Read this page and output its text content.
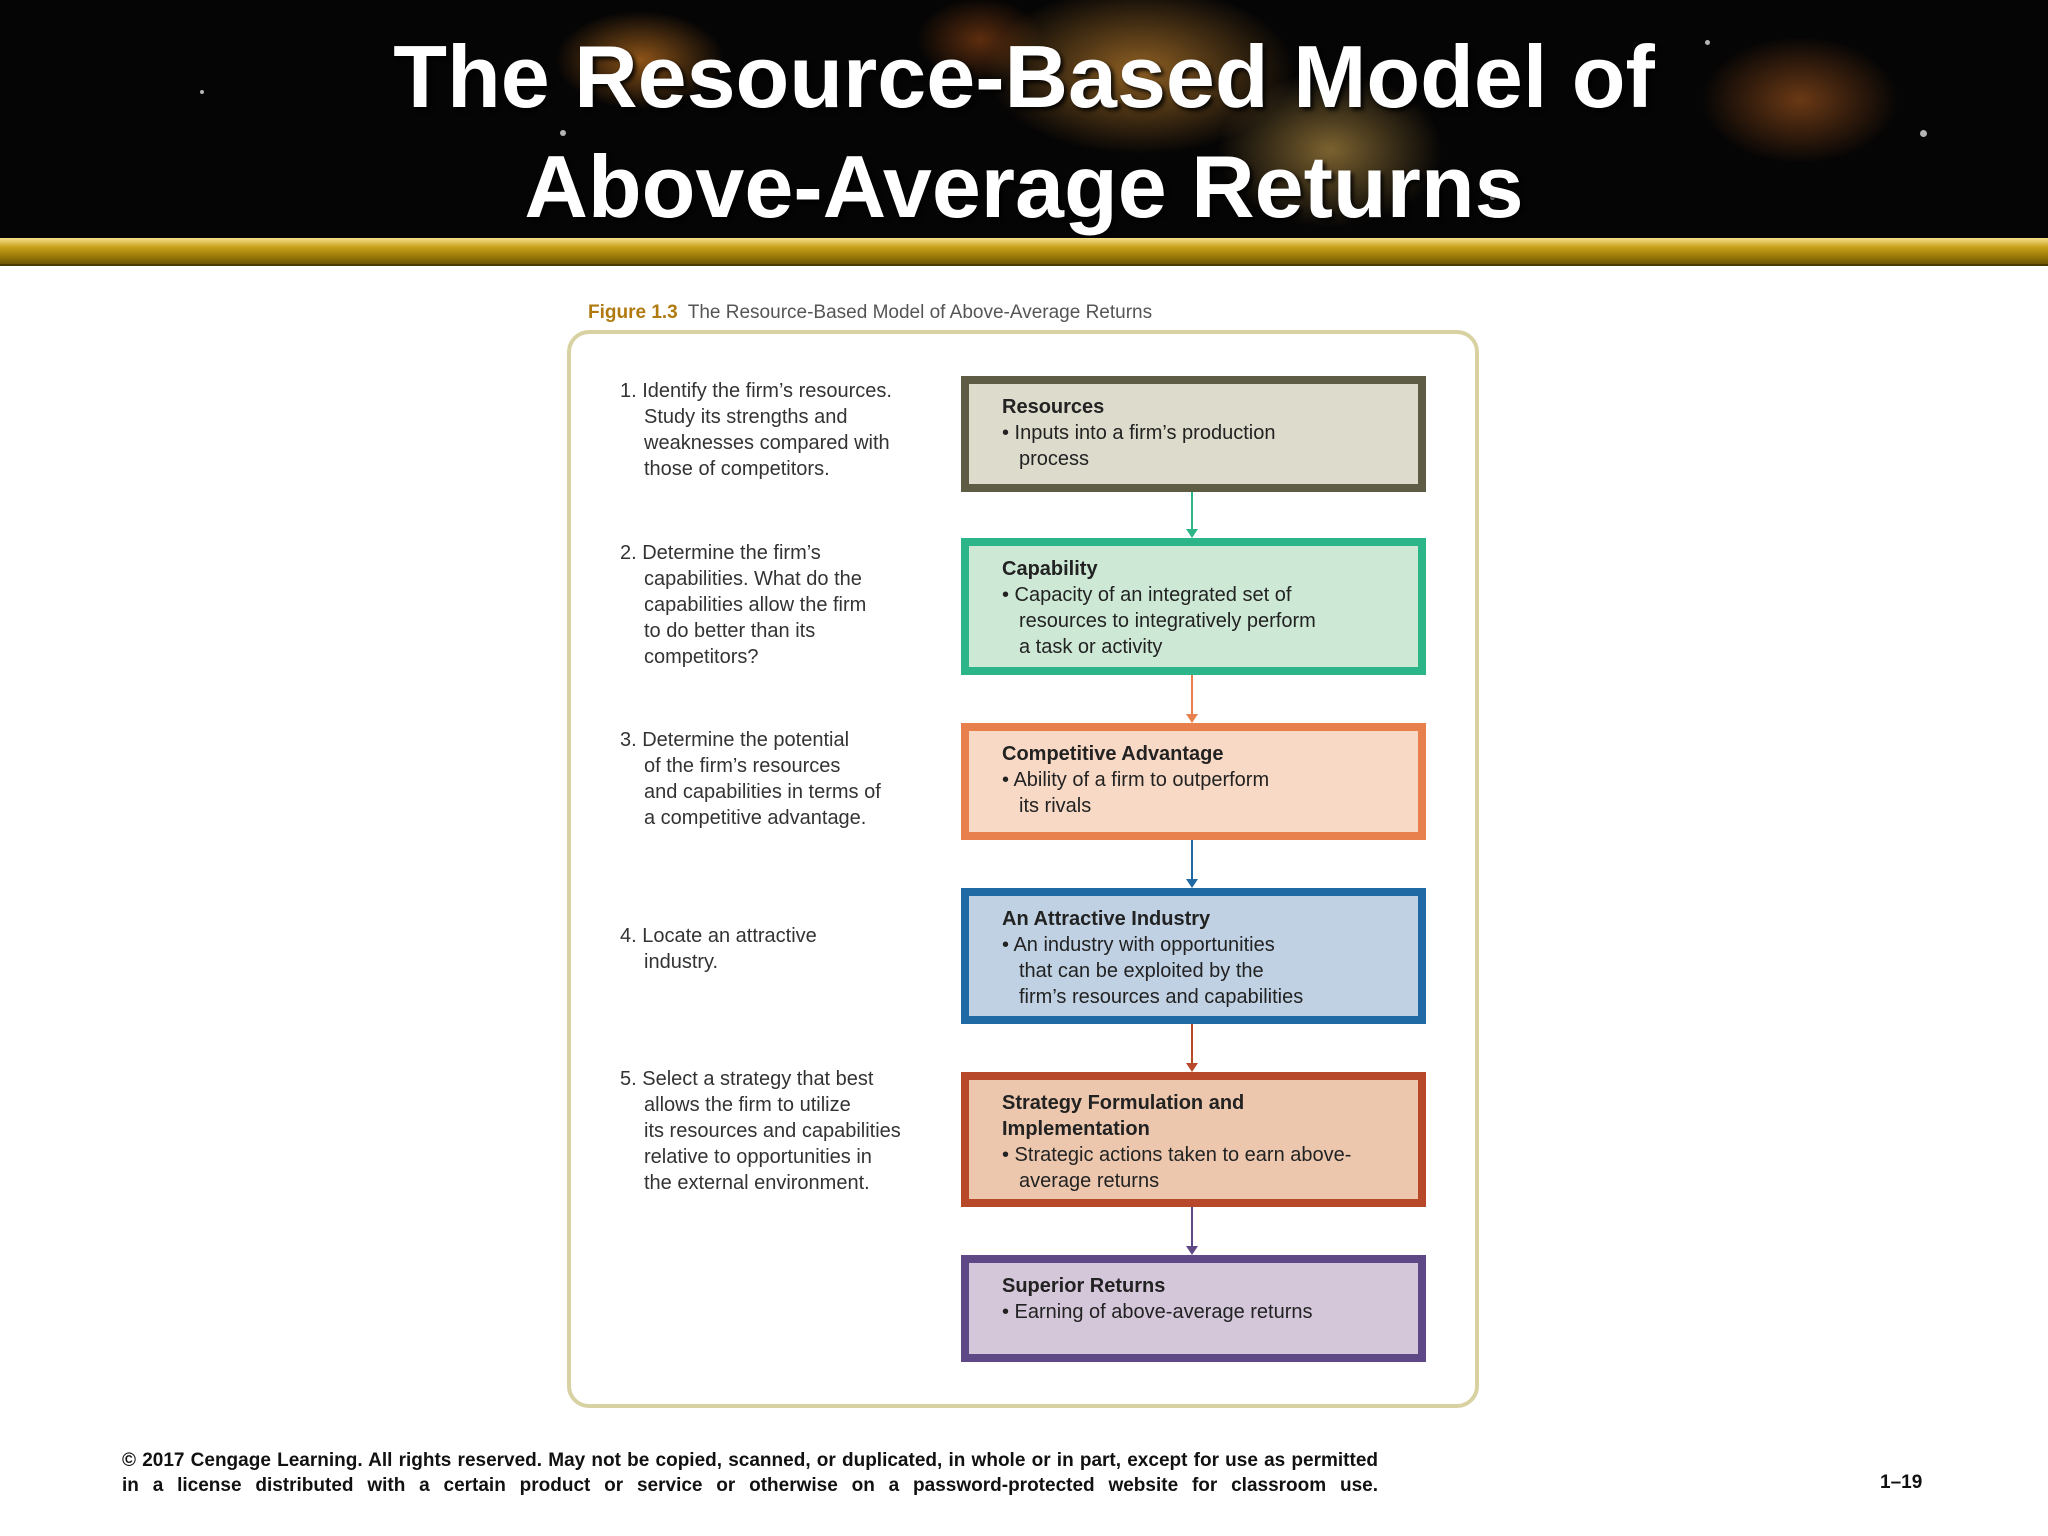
The Resource-Based Model of
Above-Average Returns
Figure 1.3 The Resource-Based Model of Above-Average Returns
1. Identify the firm’s resources.
Study its strengths and
weaknesses compared with
those of competitors.
2. Determine the firm’s
capabilities. What do the
capabilities allow the firm
to do better than its
competitors?
3. Determine the potential
of the firm’s resources
and capabilities in terms of
a competitive advantage.
4. Locate an attractive
industry.
5. Select a strategy that best
allows the firm to utilize
its resources and capabilities
relative to opportunities in
the external environment.
Resources
• Inputs into a firm’s production
process
Capability
• Capacity of an integrated set of
resources to integratively perform
a task or activity
Competitive Advantage
• Ability of a firm to outperform
its rivals
An Attractive Industry
• An industry with opportunities
that can be exploited by the
firm’s resources and capabilities
Strategy Formulation and
Implementation
• Strategic actions taken to earn above-
average returns
Superior Returns
• Earning of above-average returns
© 2017 Cengage Learning. All rights reserved. May not be copied, scanned, or duplicated, in whole or in part, except for use as permitted in a license distributed with a certain product or service or otherwise on a password-protected website for classroom use.	1–19
